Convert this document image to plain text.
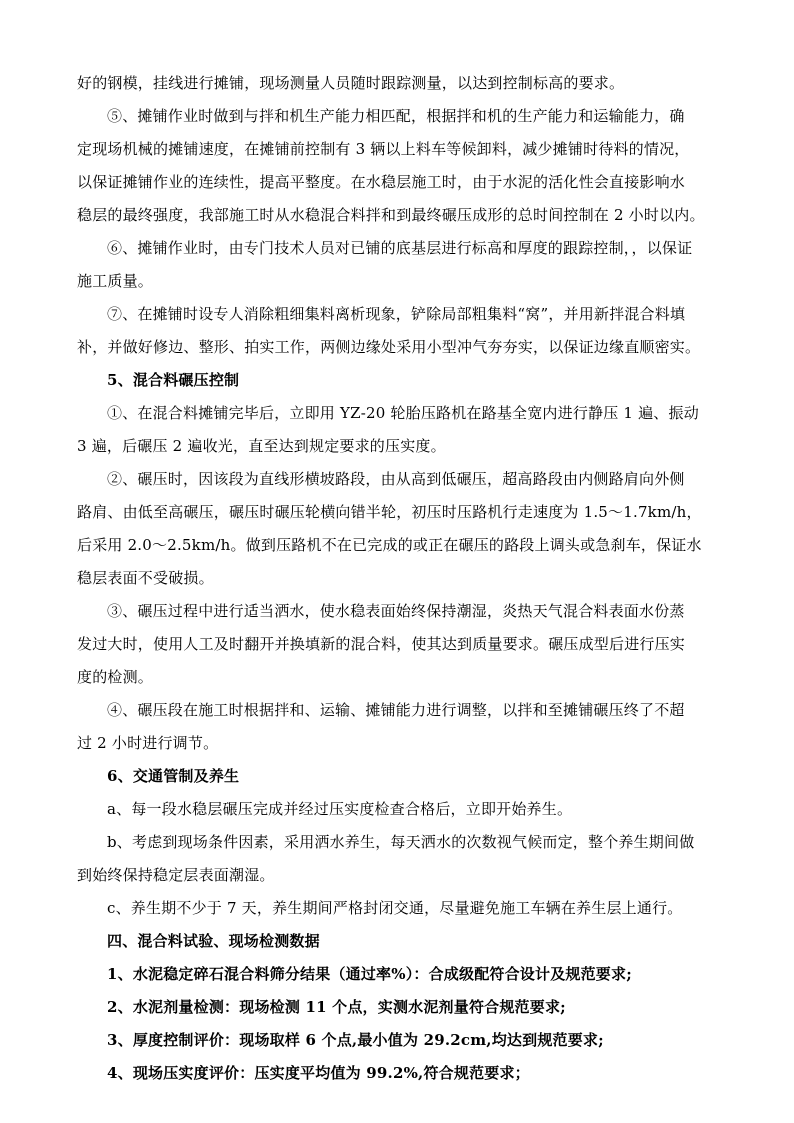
好的钢模，挂线进行摊铺，现场测量人员随时跟踪测量，以达到控制标高的要求。
⑤、摊铺作业时做到与拌和机生产能力相匹配，根据拌和机的生产能力和运输能力，确
定现场机械的摊铺速度，在摊铺前控制有 3 辆以上料车等候卸料，减少摊铺时待料的情况，
以保证摊铺作业的连续性，提高平整度。在水稳层施工时，由于水泥的活化性会直接影响水
稳层的最终强度，我部施工时从水稳混合料拌和到最终碾压成形的总时间控制在 2 小时以内。
⑥、摊铺作业时，由专门技术人员对已铺的底基层进行标高和厚度的跟踪控制，，以保证
施工质量。
⑦、在摊铺时设专人消除粗细集料离析现象，铲除局部粗集料“窝”，并用新拌混合料填
补，并做好修边、整形、拍实工作，两侧边缘处采用小型冲气夯夯实，以保证边缘直顺密实。
5、混合料碾压控制
①、在混合料摊铺完毕后，立即用 YZ-20 轮胎压路机在路基全宽内进行静压 1 遍、振动
3 遍，后碾压 2 遍收光，直至达到规定要求的压实度。
②、碾压时，因该段为直线形横坡路段，由从高到低碾压，超高路段由内侧路肩向外侧
路肩、由低至高碾压，碾压时碾压轮横向错半轮，初压时压路机行走速度为 1.5～1.7km/h，
后采用 2.0～2.5km/h。做到压路机不在已完成的或正在碾压的路段上调头或急刹车，保证水
稳层表面不受破损。
③、碾压过程中进行适当洒水，使水稳表面始终保持潮湿，炎热天气混合料表面水份蒸
发过大时，使用人工及时翻开并换填新的混合料，使其达到质量要求。碾压成型后进行压实
度的检测。
④、碾压段在施工时根据拌和、运输、摊铺能力进行调整，以拌和至摊铺碾压终了不超
过 2 小时进行调节。
6、交通管制及养生
a、每一段水稳层碾压完成并经过压实度检查合格后，立即开始养生。
b、考虑到现场条件因素，采用洒水养生，每天洒水的次数视气候而定，整个养生期间做
到始终保持稳定层表面潮湿。
c、养生期不少于 7 天，养生期间严格封闭交通，尽量避免施工车辆在养生层上通行。
四、混合料试验、现场检测数据
1、水泥稳定碎石混合料筛分结果（通过率%）：合成级配符合设计及规范要求;
2、水泥剂量检测：现场检测 11 个点，实测水泥剂量符合规范要求;
3、厚度控制评价：现场取样 6 个点,最小值为 29.2cm,均达到规范要求;
4、现场压实度评价：压实度平均值为 99.2%,符合规范要求；
